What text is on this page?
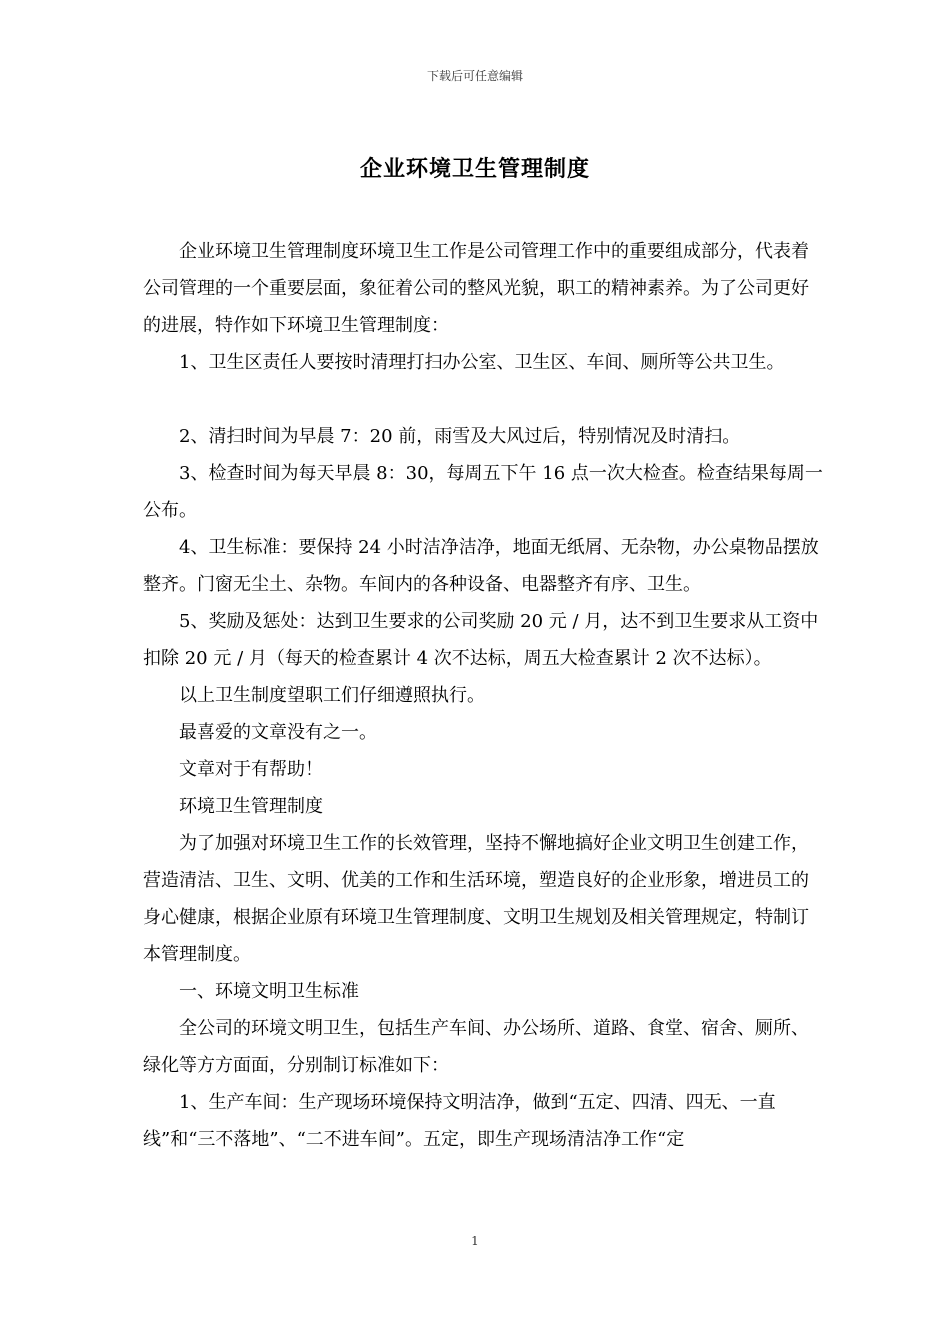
下载后可任意编辑
企业环境卫生管理制度

　　企业环境卫生管理制度环境卫生工作是公司管理工作中的重要组成部分，代表着公司管理的一个重要层面，象征着公司的整风光貌，职工的精神素养。为了公司更好的进展，特作如下环境卫生管理制度：

　　1、卫生区责任人要按时清理打扫办公室、卫生区、车间、厕所等公共卫生。

　　2、清扫时间为早晨 7：20 前，雨雪及大风过后，特别情况及时清扫。

　　3、检查时间为每天早晨 8：30，每周五下午 16 点一次大检查。检查结果每周一公布。

　　4、卫生标准：要保持 24 小时洁净洁净，地面无纸屑、无杂物，办公桌物品摆放整齐。门窗无尘土、杂物。车间内的各种设备、电器整齐有序、卫生。

　　5、奖励及惩处：达到卫生要求的公司奖励 20 元 / 月，达不到卫生要求从工资中扣除 20 元 / 月（每天的检查累计 4 次不达标，周五大检查累计 2 次不达标）。

　　以上卫生制度望职工们仔细遵照执行。

　　最喜爱的文章没有之一。

　　文章对于有帮助！

　　环境卫生管理制度

　　为了加强对环境卫生工作的长效管理，坚持不懈地搞好企业文明卫生创建工作，营造清洁、卫生、文明、优美的工作和生活环境，塑造良好的企业形象，增进员工的身心健康，根据企业原有环境卫生管理制度、文明卫生规划及相关管理规定，特制订本管理制度。

　　一、环境文明卫生标准

　　全公司的环境文明卫生，包括生产车间、办公场所、道路、食堂、宿舍、厕所、绿化等方方面面，分别制订标准如下：

　　1、生产车间：生产现场环境保持文明洁净，做到“五定、四清、四无、一直线”和“三不落地”、“二不进车间”。五定，即生产现场清洁净工作“定

1
